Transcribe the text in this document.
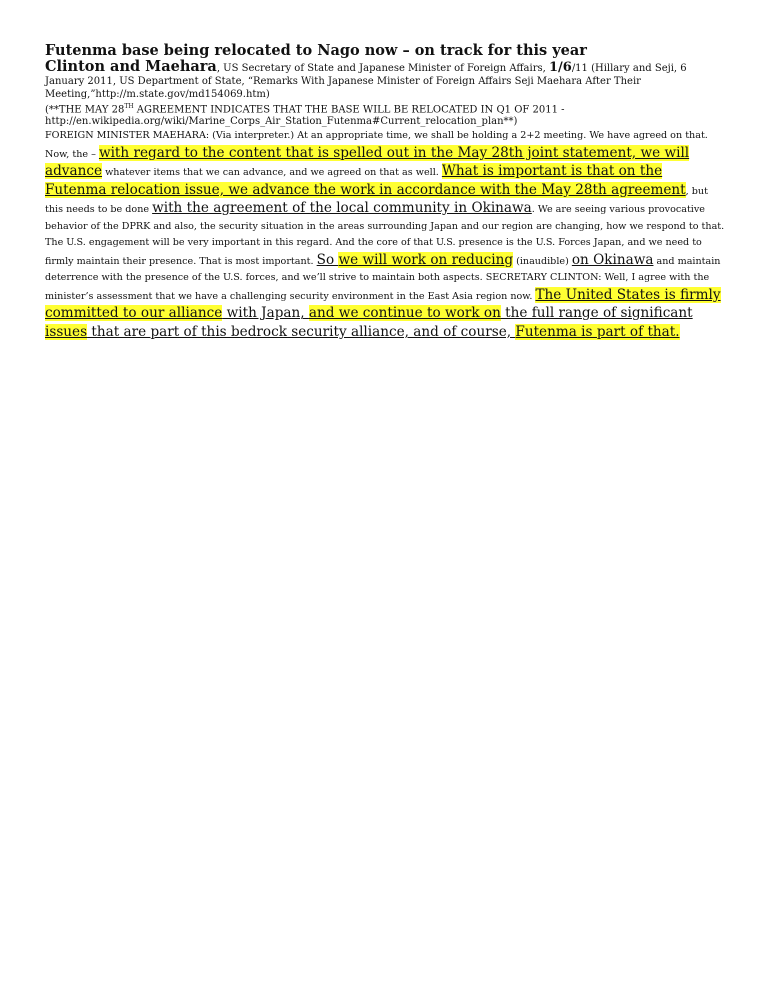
Futenma base being relocated to Nago now – on track for this year

Clinton and Maehara, US Secretary of State and Japanese Minister of Foreign Affairs, 1/6/11 (Hillary and Seji, 6 January 2011, US Department of State, “Remarks With Japanese Minister of Foreign Affairs Seji Maehara After Their Meeting,”http://m.state.gov/md154069.htm)

(**THE MAY 28TH AGREEMENT INDICATES THAT THE BASE WILL BE RELOCATED IN Q1 OF 2011 - http://en.wikipedia.org/wiki/Marine_Corps_Air_Station_Futenma#Current_relocation_plan**)

FOREIGN MINISTER MAEHARA: (Via interpreter.) At an appropriate time, we shall be holding a 2+2 meeting. We have agreed on that. Now, the – with regard to the content that is spelled out in the May 28th joint statement, we will advance whatever items that we can advance, and we agreed on that as well. What is important is that on the Futenma relocation issue, we advance the work in accordance with the May 28th agreement, but this needs to be done with the agreement of the local community in Okinawa. We are seeing various provocative behavior of the DPRK and also, the security situation in the areas surrounding Japan and our region are changing, how we respond to that. The U.S. engagement will be very important in this regard. And the core of that U.S. presence is the U.S. Forces Japan, and we need to firmly maintain their presence. That is most important. So we will work on reducing (inaudible) on Okinawa and maintain deterrence with the presence of the U.S. forces, and we’ll strive to maintain both aspects. SECRETARY CLINTON: Well, I agree with the minister’s assessment that we have a challenging security environment in the East Asia region now. The United States is firmly committed to our alliance with Japan, and we continue to work on the full range of significant issues that are part of this bedrock security alliance, and of course, Futenma is part of that.
